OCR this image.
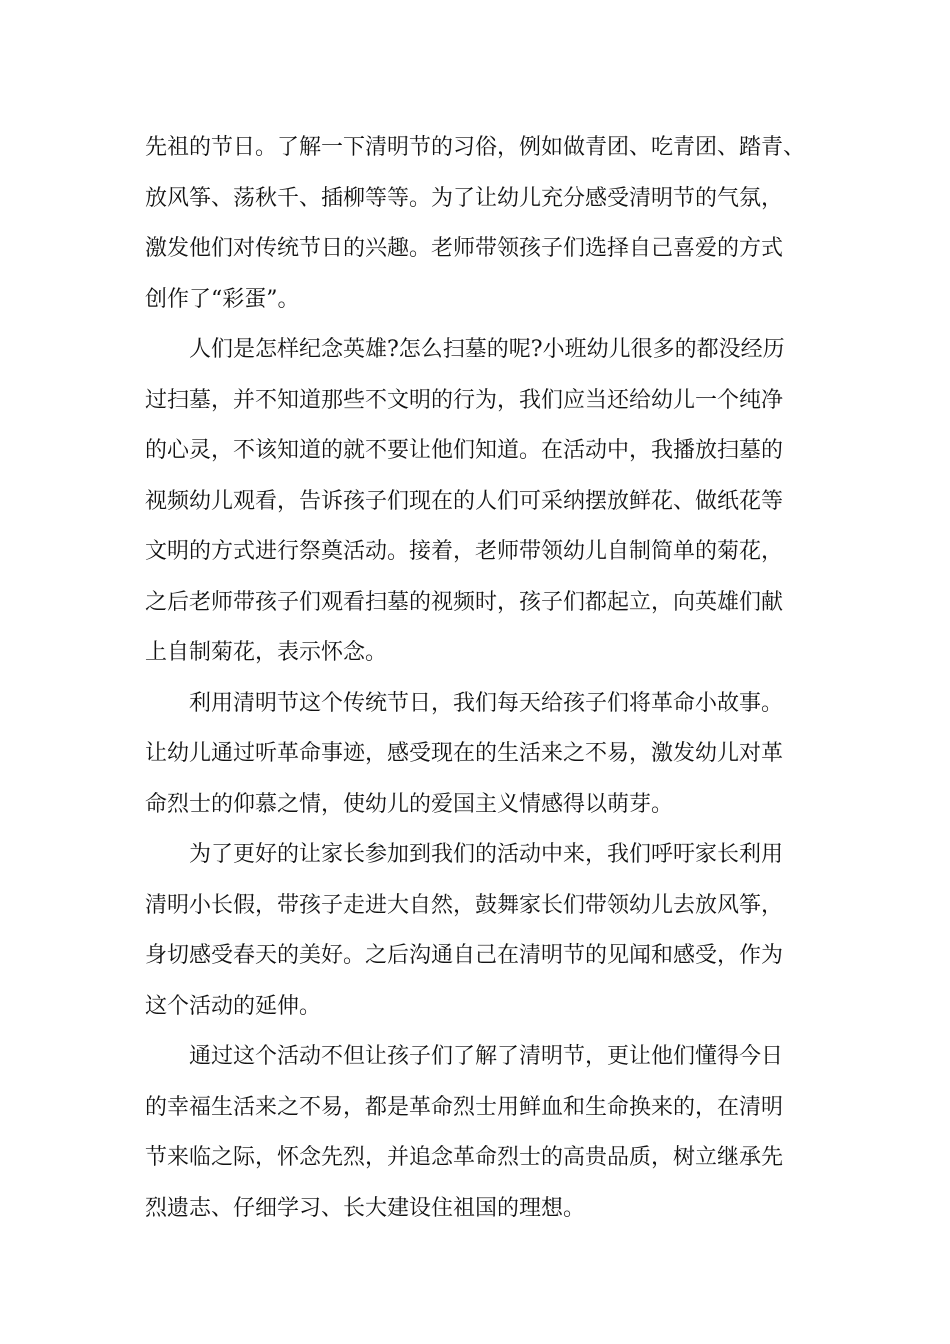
先祖的节日。了解一下清明节的习俗，例如做青团、吃青团、踏青、
放风筝、荡秋千、插柳等等。为了让幼儿充分感受清明节的气氛，
激发他们对传统节日的兴趣。老师带领孩子们选择自己喜爱的方式
创作了“彩蛋”。

人们是怎样纪念英雄?怎么扫墓的呢?小班幼儿很多的都没经历
过扫墓，并不知道那些不文明的行为，我们应当还给幼儿一个纯净
的心灵，不该知道的就不要让他们知道。在活动中，我播放扫墓的
视频幼儿观看，告诉孩子们现在的人们可采纳摆放鲜花、做纸花等
文明的方式进行祭奠活动。接着，老师带领幼儿自制简单的菊花，
之后老师带孩子们观看扫墓的视频时，孩子们都起立，向英雄们献
上自制菊花，表示怀念。

利用清明节这个传统节日，我们每天给孩子们将革命小故事。
让幼儿通过听革命事迹，感受现在的生活来之不易，激发幼儿对革
命烈士的仰慕之情，使幼儿的爱国主义情感得以萌芽。

为了更好的让家长参加到我们的活动中来，我们呼吁家长利用
清明小长假，带孩子走进大自然，鼓舞家长们带领幼儿去放风筝，
身切感受春天的美好。之后沟通自己在清明节的见闻和感受，作为
这个活动的延伸。

通过这个活动不但让孩子们了解了清明节，更让他们懂得今日
的幸福生活来之不易，都是革命烈士用鲜血和生命换来的，在清明
节来临之际，怀念先烈，并追念革命烈士的高贵品质，树立继承先
烈遗志、仔细学习、长大建设住祖国的理想。
